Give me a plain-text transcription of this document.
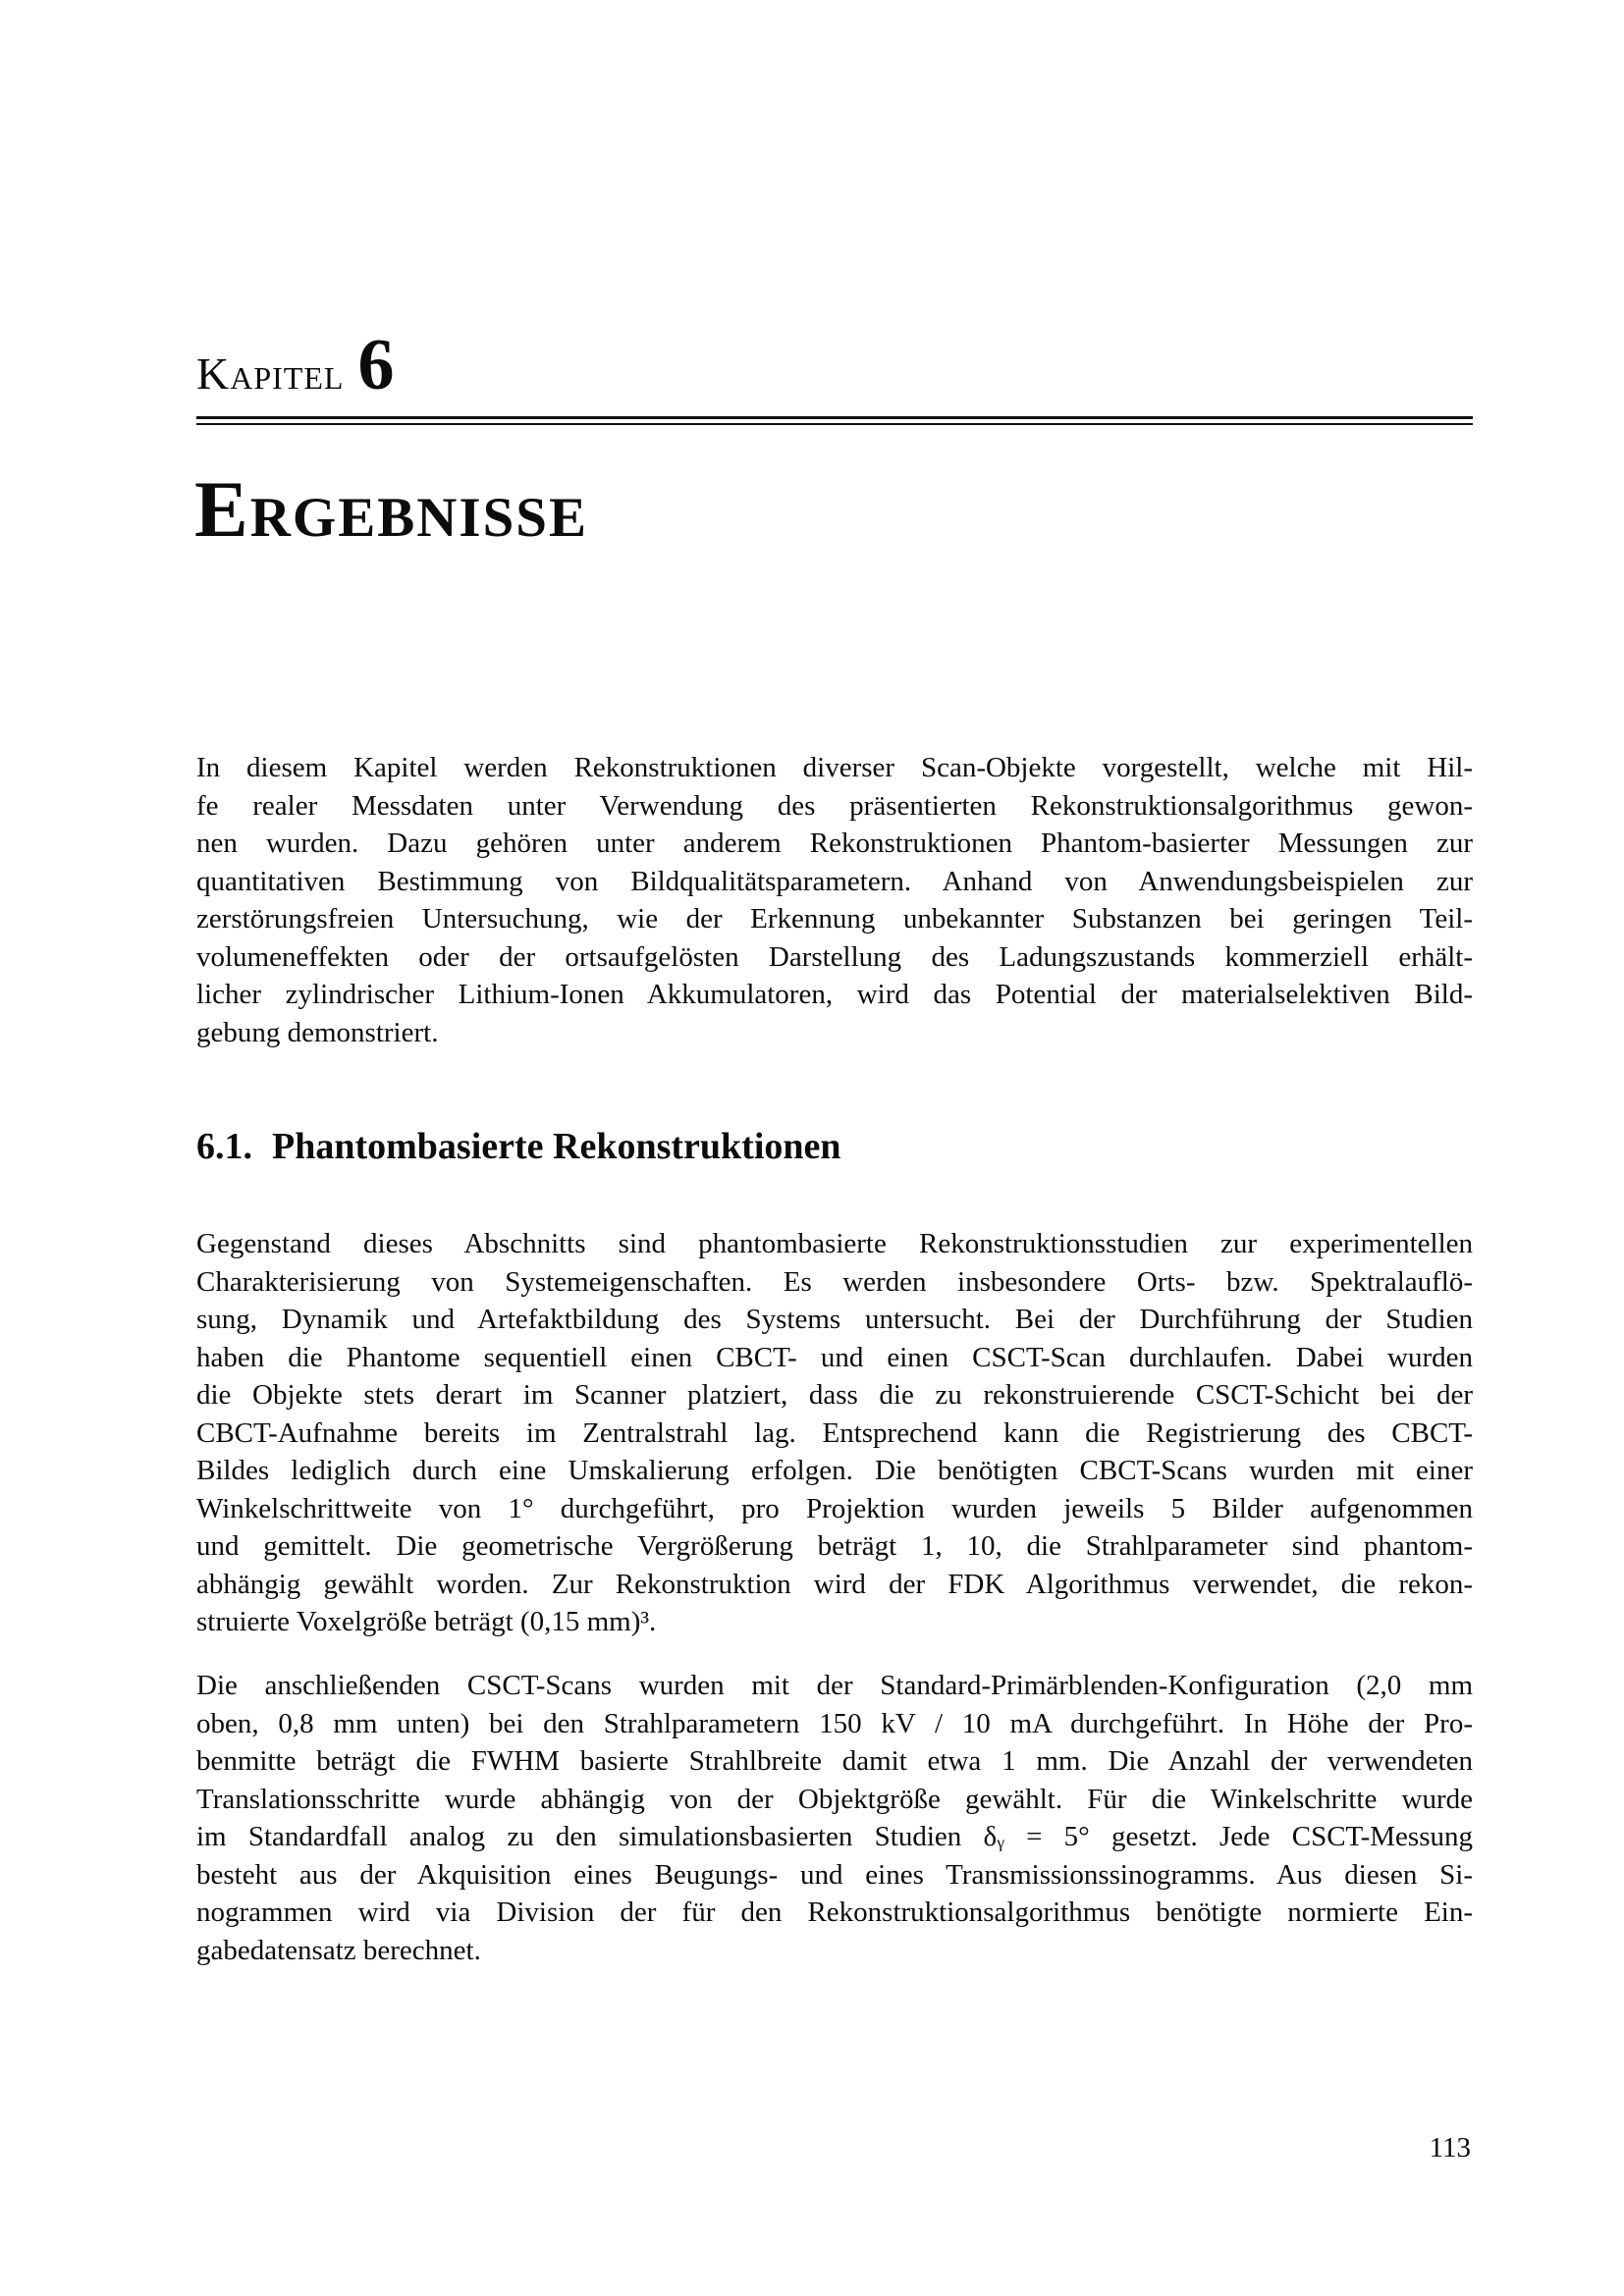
Kapitel 6
Ergebnisse
In diesem Kapitel werden Rekonstruktionen diverser Scan-Objekte vorgestellt, welche mit Hil-
fe realer Messdaten unter Verwendung des präsentierten Rekonstruktionsalgorithmus gewon-
nen wurden. Dazu gehören unter anderem Rekonstruktionen Phantom-basierter Messungen zur
quantitativen Bestimmung von Bildqualitätsparametern. Anhand von Anwendungsbeispielen zur
zerstörungsfreien Untersuchung, wie der Erkennung unbekannter Substanzen bei geringen Teil-
volumeneffekten oder der ortsaufgelösten Darstellung des Ladungszustands kommerziell erhält-
licher zylindrischer Lithium-Ionen Akkumulatoren, wird das Potential der materialselektiven Bild-
gebung demonstriert.
6.1. Phantombasierte Rekonstruktionen
Gegenstand dieses Abschnitts sind phantombasierte Rekonstruktionsstudien zur experimentellen
Charakterisierung von Systemeigenschaften. Es werden insbesondere Orts- bzw. Spektralauflö-
sung, Dynamik und Artefaktbildung des Systems untersucht. Bei der Durchführung der Studien
haben die Phantome sequentiell einen CBCT- und einen CSCT-Scan durchlaufen. Dabei wurden
die Objekte stets derart im Scanner platziert, dass die zu rekonstruierende CSCT-Schicht bei der
CBCT-Aufnahme bereits im Zentralstrahl lag. Entsprechend kann die Registrierung des CBCT-
Bildes lediglich durch eine Umskalierung erfolgen. Die benötigten CBCT-Scans wurden mit einer
Winkelschrittweite von 1° durchgeführt, pro Projektion wurden jeweils 5 Bilder aufgenommen
und gemittelt. Die geometrische Vergrößerung beträgt 1, 10, die Strahlparameter sind phantom-
abhängig gewählt worden. Zur Rekonstruktion wird der FDK Algorithmus verwendet, die rekon-
struierte Voxelgröße beträgt (0,15 mm)³.
Die anschließenden CSCT-Scans wurden mit der Standard-Primärblenden-Konfiguration (2,0 mm
oben, 0,8 mm unten) bei den Strahlparametern 150 kV / 10 mA durchgeführt. In Höhe der Pro-
benmitte beträgt die FWHM basierte Strahlbreite damit etwa 1 mm. Die Anzahl der verwendeten
Translationsschritte wurde abhängig von der Objektgröße gewählt. Für die Winkelschritte wurde
im Standardfall analog zu den simulationsbasierten Studien δᵧ = 5° gesetzt. Jede CSCT-Messung
besteht aus der Akquisition eines Beugungs- und eines Transmissionssinogramms. Aus diesen Si-
nogrammen wird via Division der für den Rekonstruktionsalgorithmus benötigte normierte Ein-
gabedatensatz berechnet.
113
